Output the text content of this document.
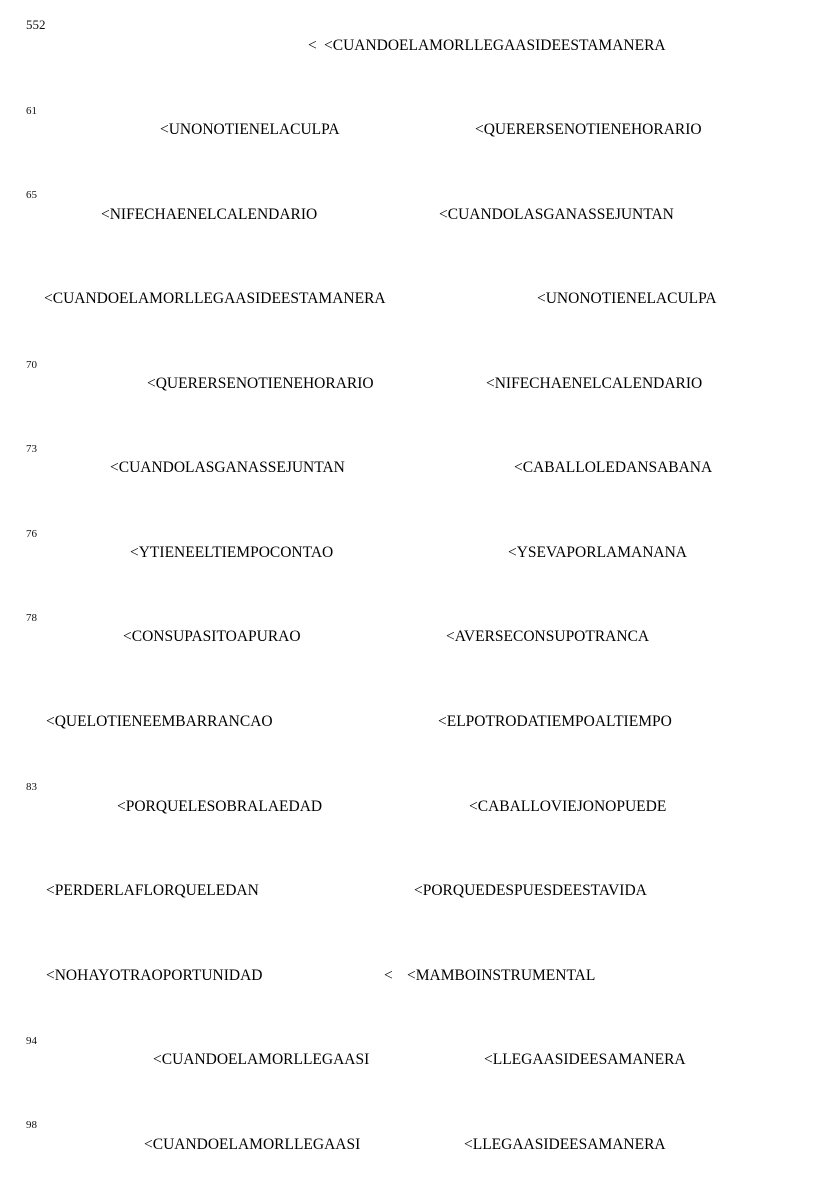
552
< <CUANDOELAMORLLEGAASIDEESTAMANERA
61
<UNONOTIENELACULPA	<QUERERSENOTIENEHORARIO
65
<NIFECHAENELCALENDARIO	<CUANDOLASGANASSEJUNTAN
<CUANDOELAMORLLEGAASIDEESTAMANERA	<UNONOTIENELACULPA
70
<QUERERSENOTIENEHORARIO	<NIFECHAENELCALENDARIO
73
<CUANDOLASGANASSEJUNTAN	<CABALLOLEDANSABANA
76
<YTIENEELTIEMPOCONTAO	<YSEVAPORLAMANANA
78
<CONSUPASITOAPURAO	<AVERSECONSUPOTRANCA
<QUELOTIENEEMBARRANCAO	<ELPOTRODATIEMPOALTIEMPO
83
<PORQUELESOBRALAEDAD	<CABALLOVIEJONOPUEDE
<PERDERLAFLORQUELEDAN	<PORQUEDESPUESDEESTAVIDA
<NOHAYOTRAOPORTUNIDAD	< <MAMBOINSTRUMENTAL
94
<CUANDOELAMORLLEGAASI	<LLEGAASIDEESAMANERA
98
<CUANDOELAMORLLEGAASI	<LLEGAASIDEESAMANERA
